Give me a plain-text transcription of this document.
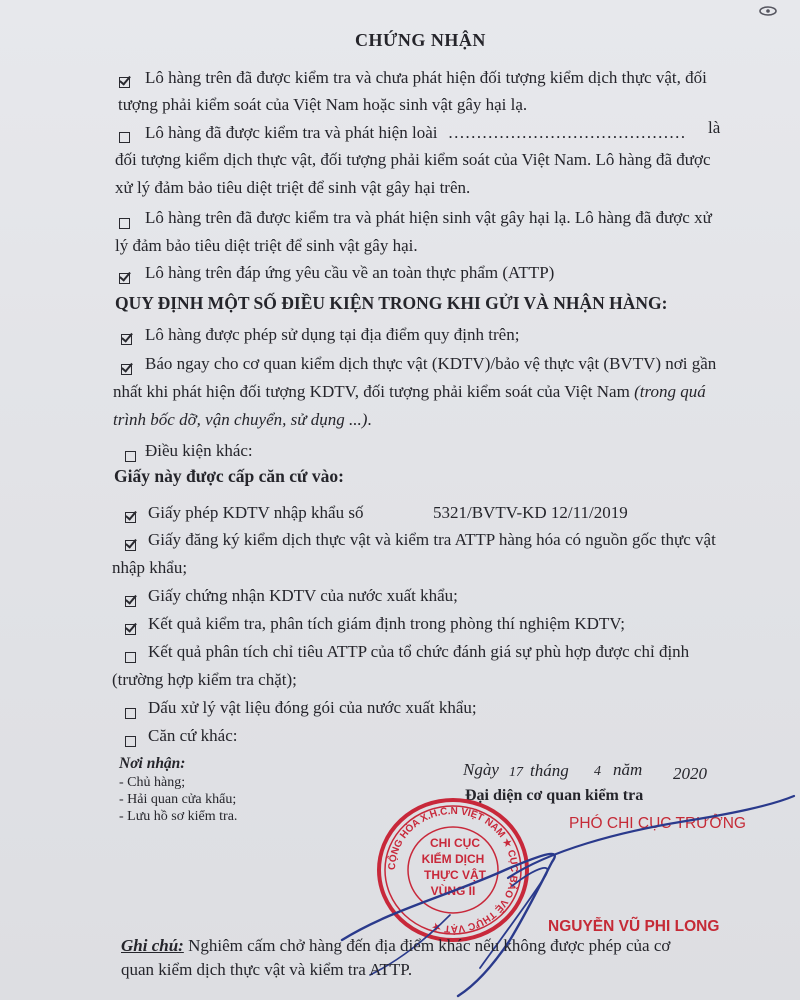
CHỨNG NHẬN
Lô hàng trên đã được kiểm tra và chưa phát hiện đối tượng kiểm dịch thực vật, đối
tượng phải kiểm soát của Việt Nam hoặc sinh vật gây hại lạ.
Lô hàng đã được kiểm tra và phát hiện loài …………………………………… là
đối tượng kiểm dịch thực vật, đối tượng phải kiểm soát của Việt Nam. Lô hàng đã được
xử lý đảm bảo tiêu diệt triệt để sinh vật gây hại trên.
Lô hàng trên đã được kiểm tra và phát hiện sinh vật gây hại lạ. Lô hàng đã được xử
lý đảm bảo tiêu diệt triệt để sinh vật gây hại.
Lô hàng trên đáp ứng yêu cầu về an toàn thực phẩm (ATTP)
QUY ĐỊNH MỘT SỐ ĐIỀU KIỆN TRONG KHI GỬI VÀ NHẬN HÀNG:
Lô hàng được phép sử dụng tại địa điểm quy định trên;
Báo ngay cho cơ quan kiểm dịch thực vật (KDTV)/bảo vệ thực vật (BVTV) nơi gần
nhất khi phát hiện đối tượng KDTV, đối tượng phải kiểm soát của Việt Nam (trong quá
trình bốc dỡ, vận chuyển, sử dụng ...).
Điều kiện khác:
Giấy này được cấp căn cứ vào:
Giấy phép KDTV nhập khẩu số	5321/BVTV-KD 12/11/2019
Giấy đăng ký kiểm dịch thực vật và kiểm tra ATTP hàng hóa có nguồn gốc thực vật
nhập khẩu;
Giấy chứng nhận KDTV của nước xuất khẩu;
Kết quả kiểm tra, phân tích giám định trong phòng thí nghiệm KDTV;
Kết quả phân tích chỉ tiêu ATTP của tổ chức đánh giá sự phù hợp được chỉ định
(trường hợp kiểm tra chặt);
Dấu xử lý vật liệu đóng gói của nước xuất khẩu;
Căn cứ khác:
Nơi nhận:
- Chủ hàng;
- Hải quan cửa khẩu;
- Lưu hồ sơ kiểm tra.
Ngày 17 tháng 4 năm 2020
Đại diện cơ quan kiểm tra
PHÓ CHI CỤC TRƯỞNG
CỘNG HÒA X.H.C.N VIỆT NAM ★ CỤC BẢO VỆ THỰC VẬT ★
CHI CỤC
KIỂM DỊCH
THỰC VẬT
VÙNG II
NGUYỄN VŨ PHI LONG
Ghi chú: Nghiêm cấm chở hàng đến địa điểm khác nếu không được phép của cơ
quan kiểm dịch thực vật và kiểm tra ATTP.
